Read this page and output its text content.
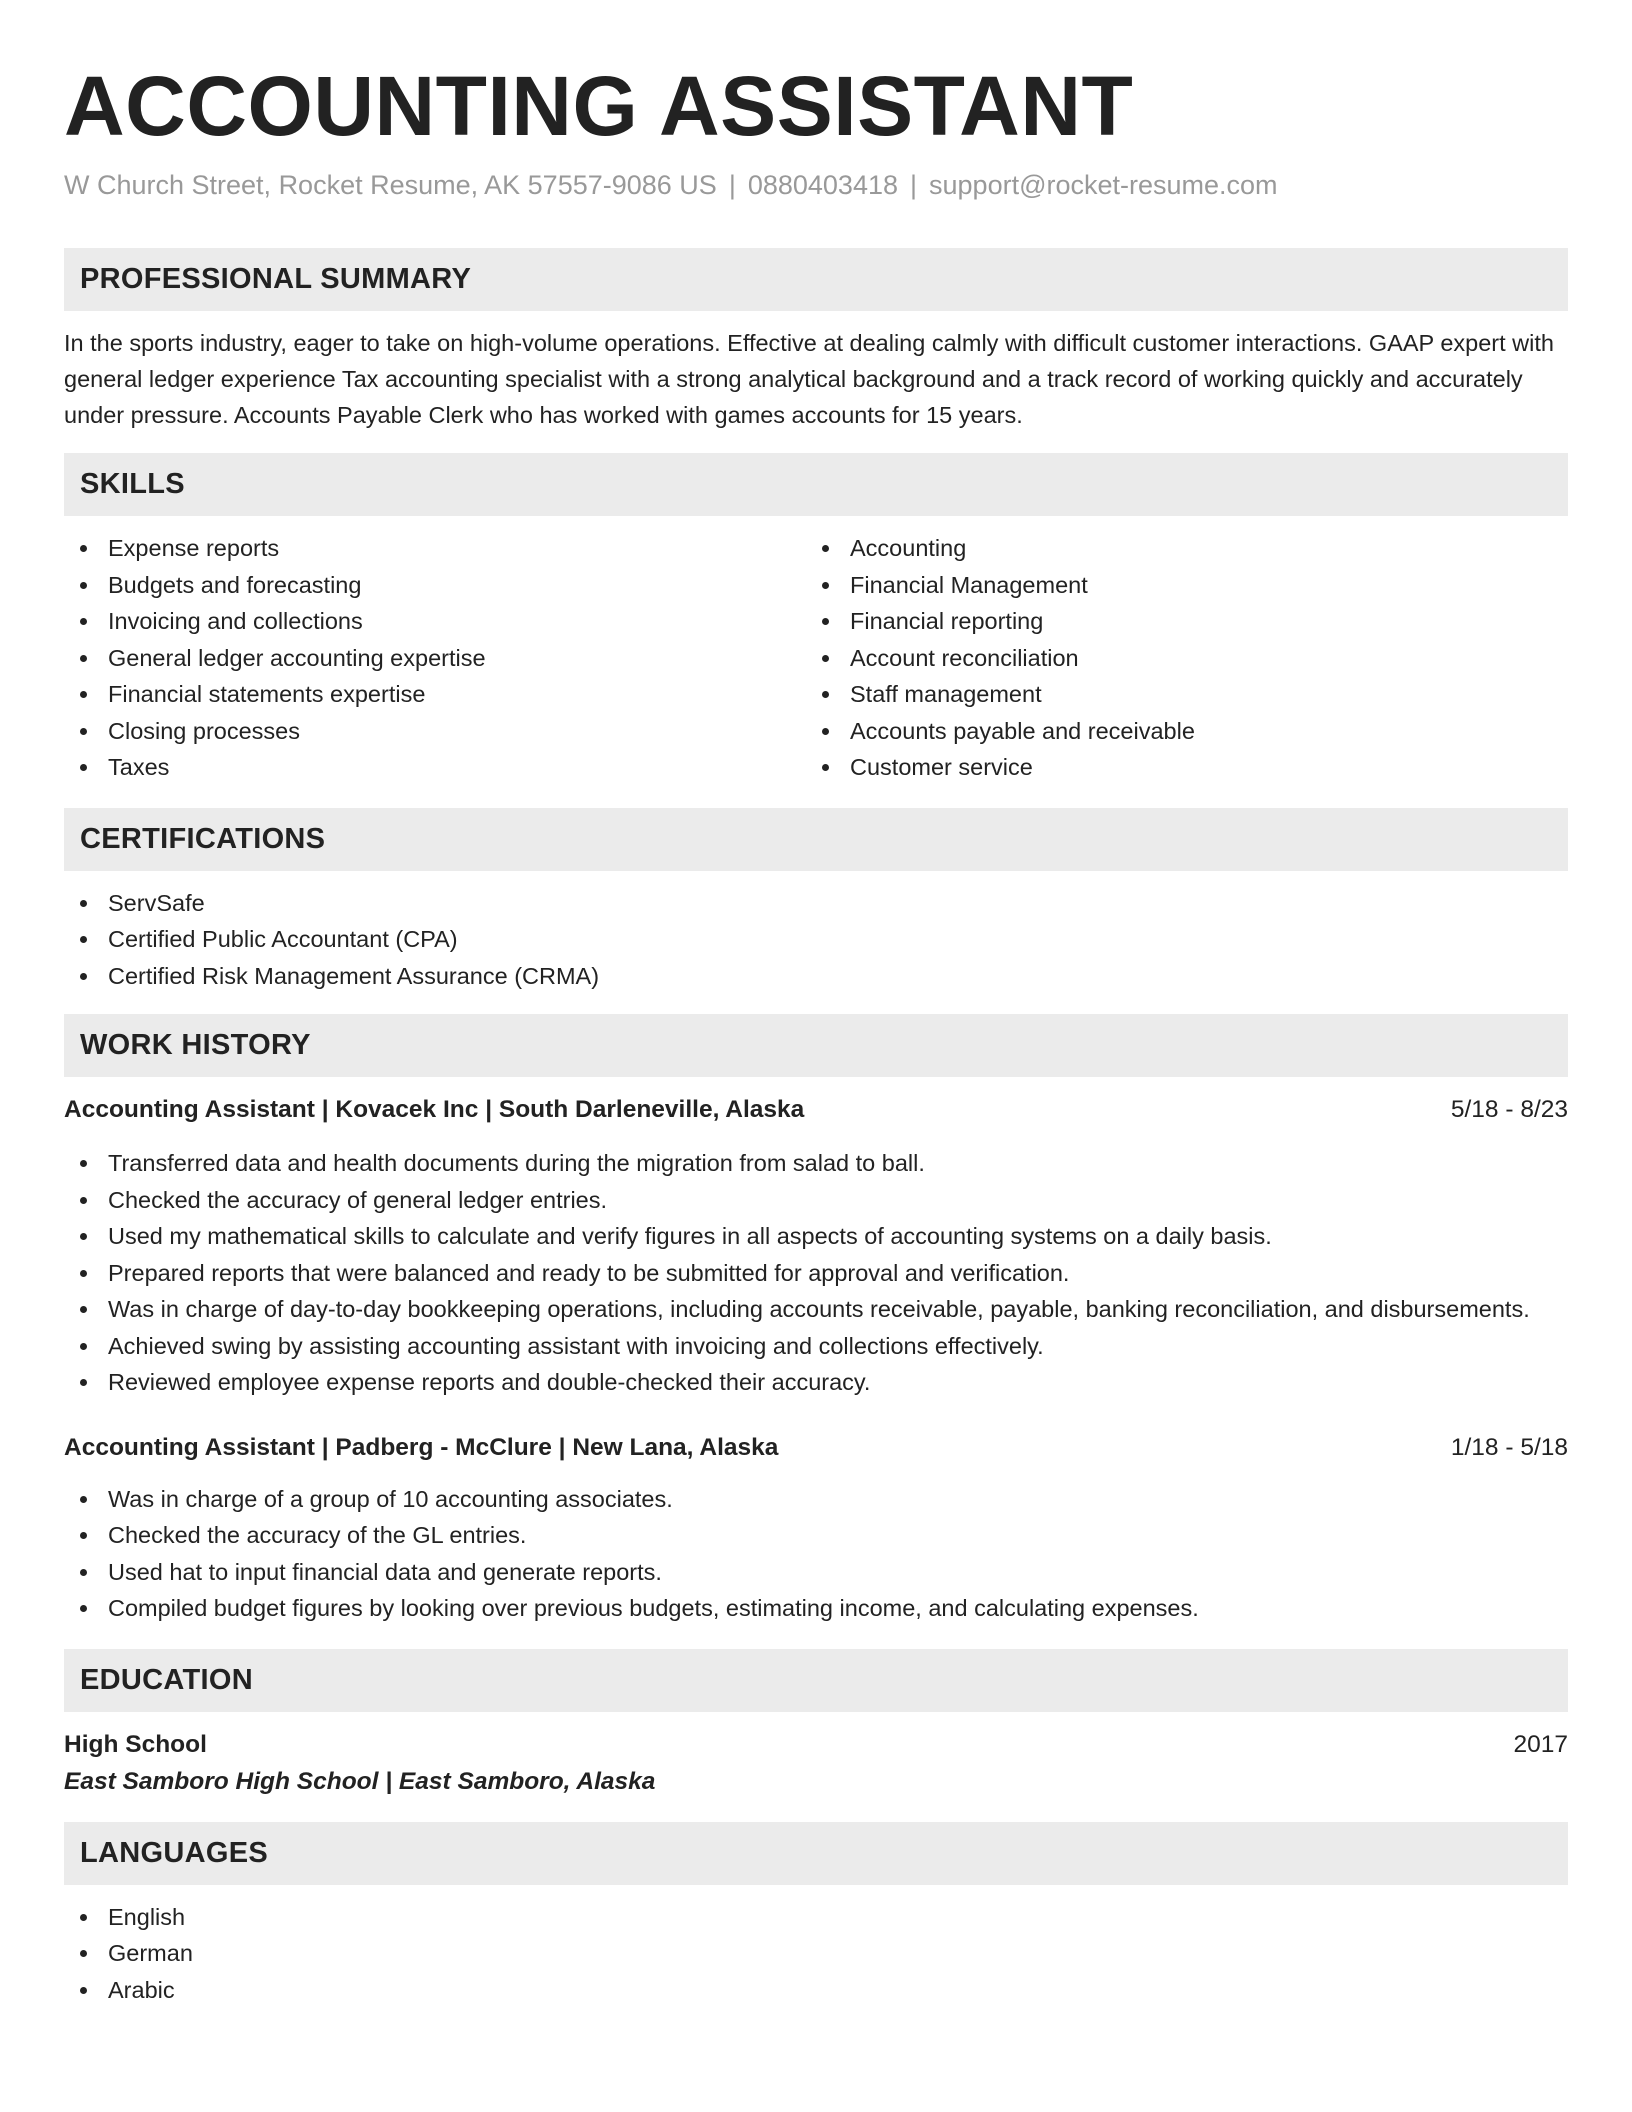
ACCOUNTING ASSISTANT
W Church Street, Rocket Resume, AK 57557-9086 US | 0880403418 | support@rocket-resume.com
PROFESSIONAL SUMMARY
In the sports industry, eager to take on high-volume operations. Effective at dealing calmly with difficult customer interactions. GAAP expert with general ledger experience Tax accounting specialist with a strong analytical background and a track record of working quickly and accurately under pressure. Accounts Payable Clerk who has worked with games accounts for 15 years.
SKILLS
Expense reports
Budgets and forecasting
Invoicing and collections
General ledger accounting expertise
Financial statements expertise
Closing processes
Taxes
Accounting
Financial Management
Financial reporting
Account reconciliation
Staff management
Accounts payable and receivable
Customer service
CERTIFICATIONS
ServSafe
Certified Public Accountant (CPA)
Certified Risk Management Assurance (CRMA)
WORK HISTORY
Accounting Assistant | Kovacek Inc | South Darleneville, Alaska	5/18 - 8/23
Transferred data and health documents during the migration from salad to ball.
Checked the accuracy of general ledger entries.
Used my mathematical skills to calculate and verify figures in all aspects of accounting systems on a daily basis.
Prepared reports that were balanced and ready to be submitted for approval and verification.
Was in charge of day-to-day bookkeeping operations, including accounts receivable, payable, banking reconciliation, and disbursements.
Achieved swing by assisting accounting assistant with invoicing and collections effectively.
Reviewed employee expense reports and double-checked their accuracy.
Accounting Assistant | Padberg - McClure | New Lana, Alaska	1/18 - 5/18
Was in charge of a group of 10 accounting associates.
Checked the accuracy of the GL entries.
Used hat to input financial data and generate reports.
Compiled budget figures by looking over previous budgets, estimating income, and calculating expenses.
EDUCATION
High School	2017
East Samboro High School | East Samboro, Alaska
LANGUAGES
English
German
Arabic
